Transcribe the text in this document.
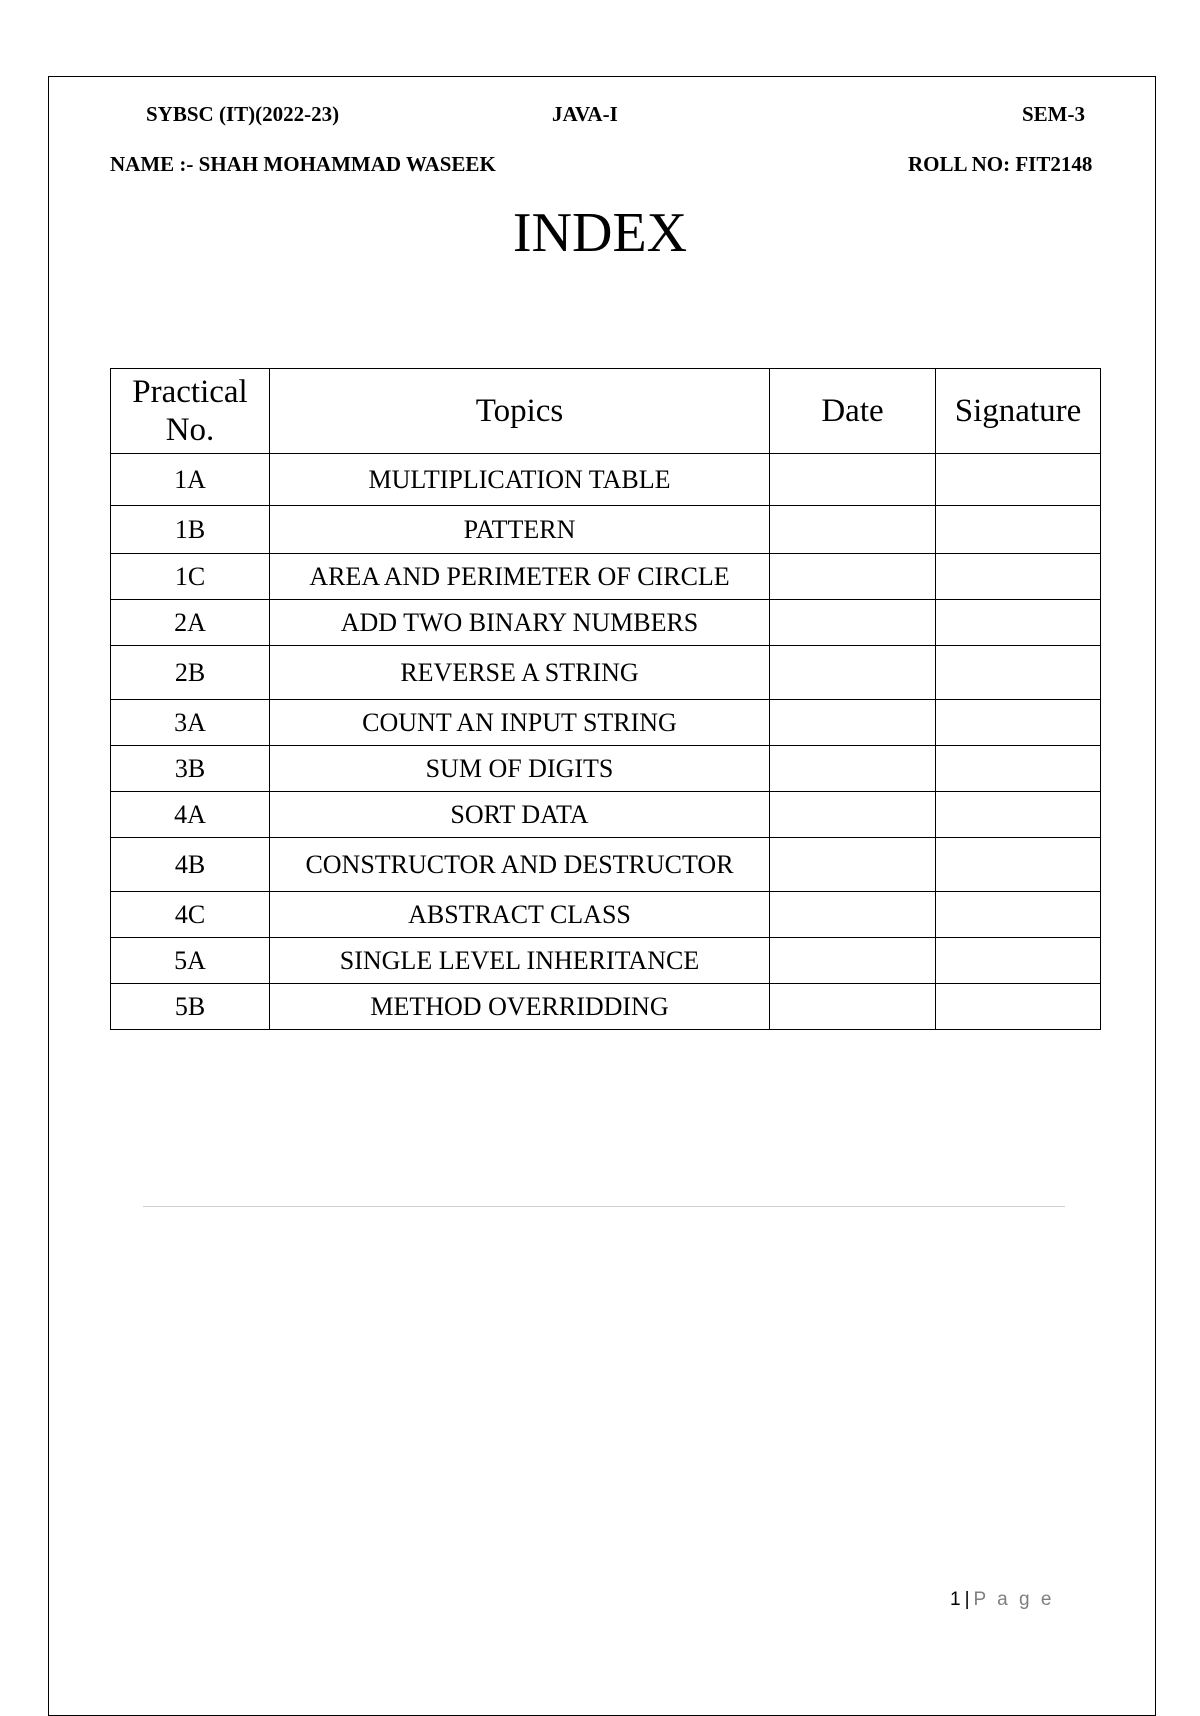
SYBSC (IT)(2022-23)	JAVA-I	SEM-3
NAME :- SHAH MOHAMMAD WASEEK	ROLL NO: FIT2148
INDEX
Practical
No.	Topics	Date	Signature
1A	MULTIPLICATION TABLE		
1B	PATTERN		
1C	AREA AND PERIMETER OF CIRCLE		
2A	ADD TWO BINARY NUMBERS		
2B	REVERSE A STRING		
3A	COUNT AN INPUT STRING		
3B	SUM OF DIGITS		
4A	SORT DATA		
4B	CONSTRUCTOR AND DESTRUCTOR		
4C	ABSTRACT CLASS		
5A	SINGLE LEVEL INHERITANCE		
5B	METHOD OVERRIDDING		
1 | P a g e
